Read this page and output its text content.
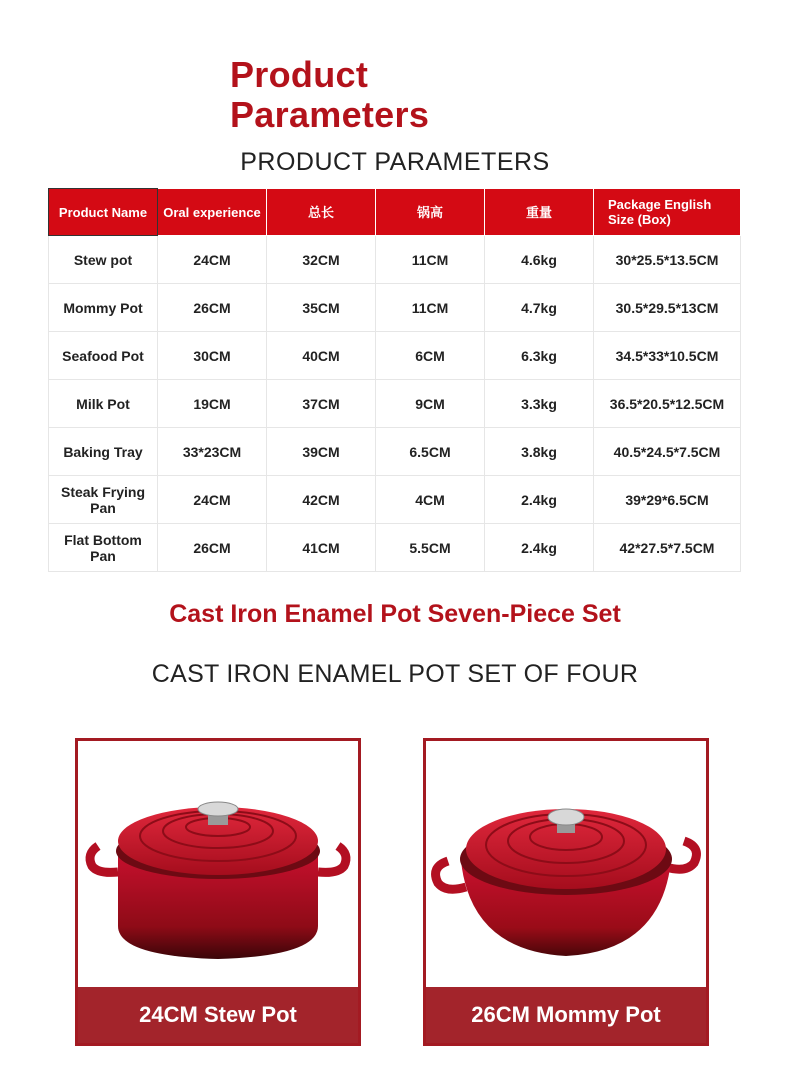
Product
Parameters
PRODUCT PARAMETERS
Product Name	Oral experience	总长	锅高	重量	Package English Size (Box)
Stew pot	24CM	32CM	11CM	4.6kg	30*25.5*13.5CM
Mommy Pot	26CM	35CM	11CM	4.7kg	30.5*29.5*13CM
Seafood Pot	30CM	40CM	6CM	6.3kg	34.5*33*10.5CM
Milk Pot	19CM	37CM	9CM	3.3kg	36.5*20.5*12.5CM
Baking Tray	33*23CM	39CM	6.5CM	3.8kg	40.5*24.5*7.5CM
Steak Frying Pan	24CM	42CM	4CM	2.4kg	39*29*6.5CM
Flat Bottom Pan	26CM	41CM	5.5CM	2.4kg	42*27.5*7.5CM
Cast Iron Enamel Pot Seven-Piece Set
CAST IRON ENAMEL POT SET OF FOUR
24CM Stew Pot	26CM Mommy Pot
